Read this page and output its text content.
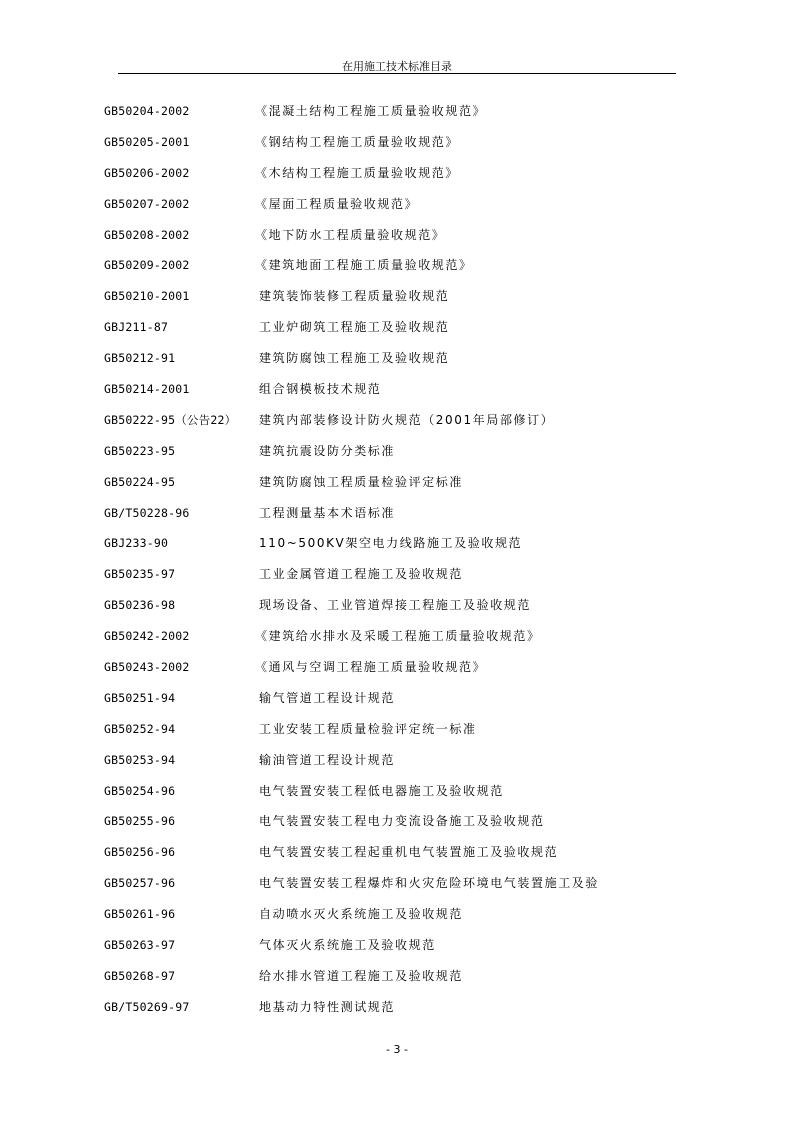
在用施工技术标准目录
GB50204-2002	《混凝土结构工程施工质量验收规范》
GB50205-2001	《钢结构工程施工质量验收规范》
GB50206-2002	《木结构工程施工质量验收规范》
GB50207-2002	《屋面工程质量验收规范》
GB50208-2002	《地下防水工程质量验收规范》
GB50209-2002	《建筑地面工程施工质量验收规范》
GB50210-2001	建筑装饰装修工程质量验收规范
GBJ211-87	工业炉砌筑工程施工及验收规范
GB50212-91	建筑防腐蚀工程施工及验收规范
GB50214-2001	组合钢模板技术规范
GB50222-95（公告22） 建筑内部装修设计防火规范（2001年局部修订）
GB50223-95	建筑抗震设防分类标准
GB50224-95	建筑防腐蚀工程质量检验评定标准
GB/T50228-96	工程测量基本术语标准
GBJ233-90	110~500KV架空电力线路施工及验收规范
GB50235-97	工业金属管道工程施工及验收规范
GB50236-98	现场设备、工业管道焊接工程施工及验收规范
GB50242-2002	《建筑给水排水及采暖工程施工质量验收规范》
GB50243-2002	《通风与空调工程施工质量验收规范》
GB50251-94	输气管道工程设计规范
GB50252-94	工业安装工程质量检验评定统一标准
GB50253-94	输油管道工程设计规范
GB50254-96	电气装置安装工程低电器施工及验收规范
GB50255-96	电气装置安装工程电力变流设备施工及验收规范
GB50256-96	电气装置安装工程起重机电气装置施工及验收规范
GB50257-96	电气装置安装工程爆炸和火灾危险环境电气装置施工及验
GB50261-96	自动喷水灭火系统施工及验收规范
GB50263-97	气体灭火系统施工及验收规范
GB50268-97	给水排水管道工程施工及验收规范
GB/T50269-97	地基动力特性测试规范
- 3 -
